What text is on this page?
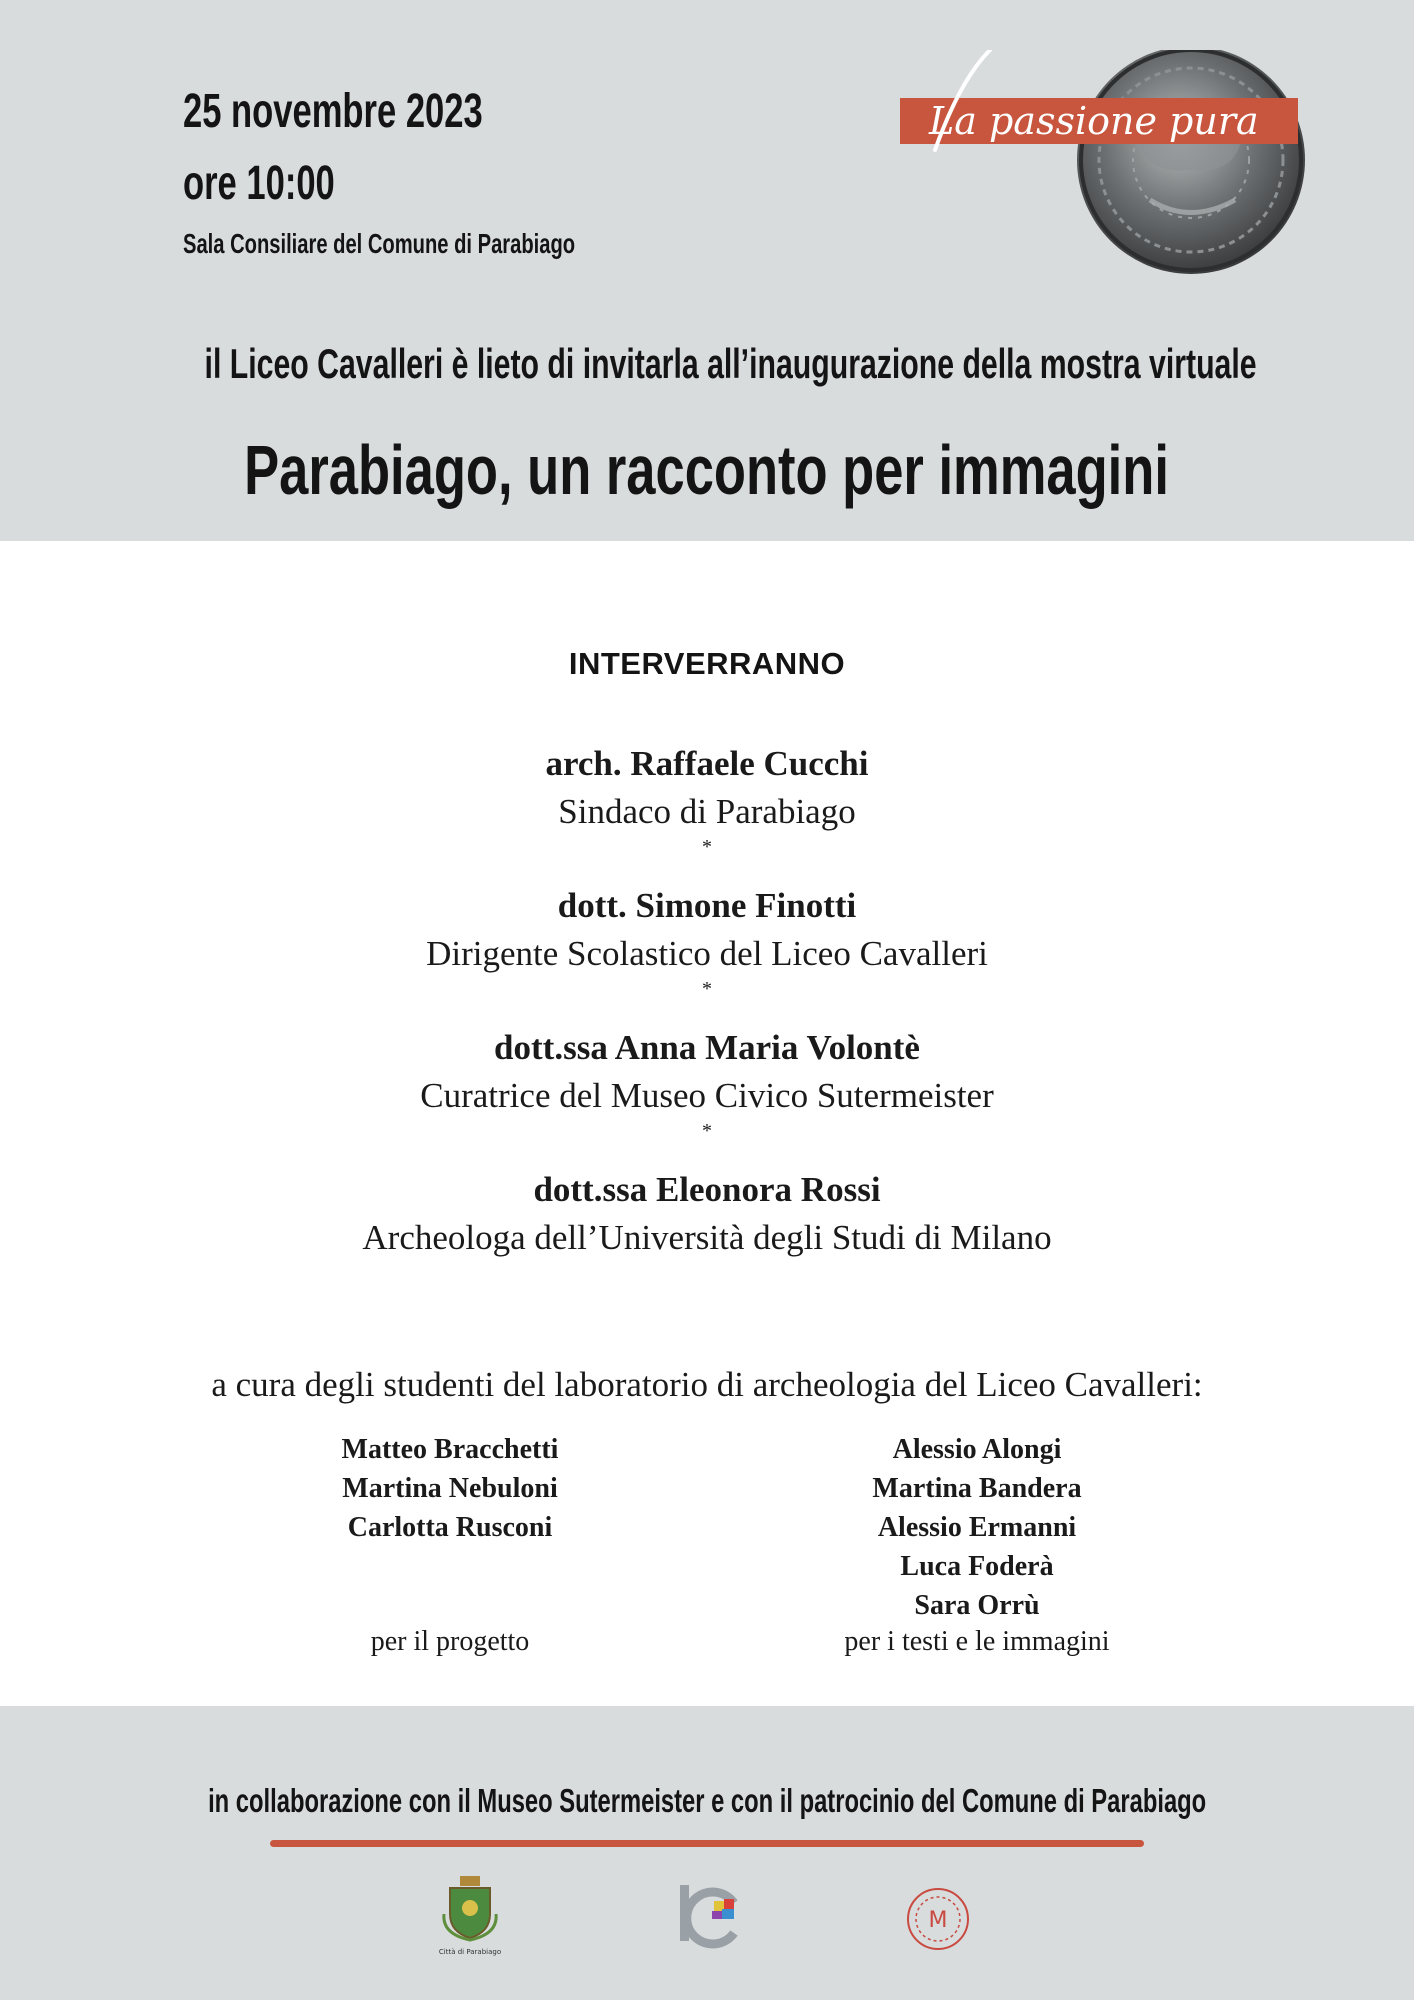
25 novembre 2023
ore 10:00
Sala Consiliare del Comune di Parabiago
La passione pura
il Liceo Cavalleri è lieto di invitarla all’inaugurazione della mostra virtuale
Parabiago, un racconto per immagini
INTERVERRANNO
arch. Raffaele Cucchi
Sindaco di Parabiago
*
dott. Simone Finotti
Dirigente Scolastico del Liceo Cavalleri
*
dott.ssa Anna Maria Volontè
Curatrice del Museo Civico Sutermeister
*
dott.ssa Eleonora Rossi
Archeologa dell’Università degli Studi di Milano
a cura degli studenti del laboratorio di archeologia del Liceo Cavalleri:
Matteo Bracchetti
Martina Nebuloni
Carlotta Rusconi
per il progetto
Alessio Alongi
Martina Bandera
Alessio Ermanni
Luca Foderà
Sara Orrù
per i testi e le immagini
in collaborazione con il Museo Sutermeister e con il patrocinio del Comune di Parabiago
Città di Parabiago
M
